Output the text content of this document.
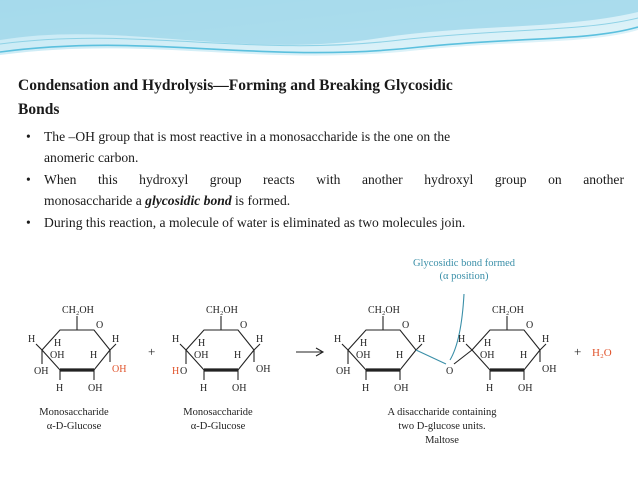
Condensation and Hydrolysis—Forming and Breaking Glycosidic
Bonds
• The –OH group that is most reactive in a monosaccharide is the one on the
anomeric carbon.
• When this hydroxyl group reacts with another hydroxyl group on another
monosaccharide a glycosidic bond is formed.
• During this reaction, a molecule of water is eliminated as two molecules join.
Glycosidic bond formed
(α position)
CH₂OH
H
O
H
H
OH	H
OH	OH
H OH
CH₂OH
H
O
H
H
OH	H
H O	OH
H OH
CH₂OH
H
O
H
H
OH	H
OH
H OH
O
CH₂OH
H
O
H
H
OH	H
OH
H OH
+	+ H₂O
Monosaccharide
α-D-Glucose
Monosaccharide
α-D-Glucose
A disaccharide containing
two D-glucose units.
Maltose
